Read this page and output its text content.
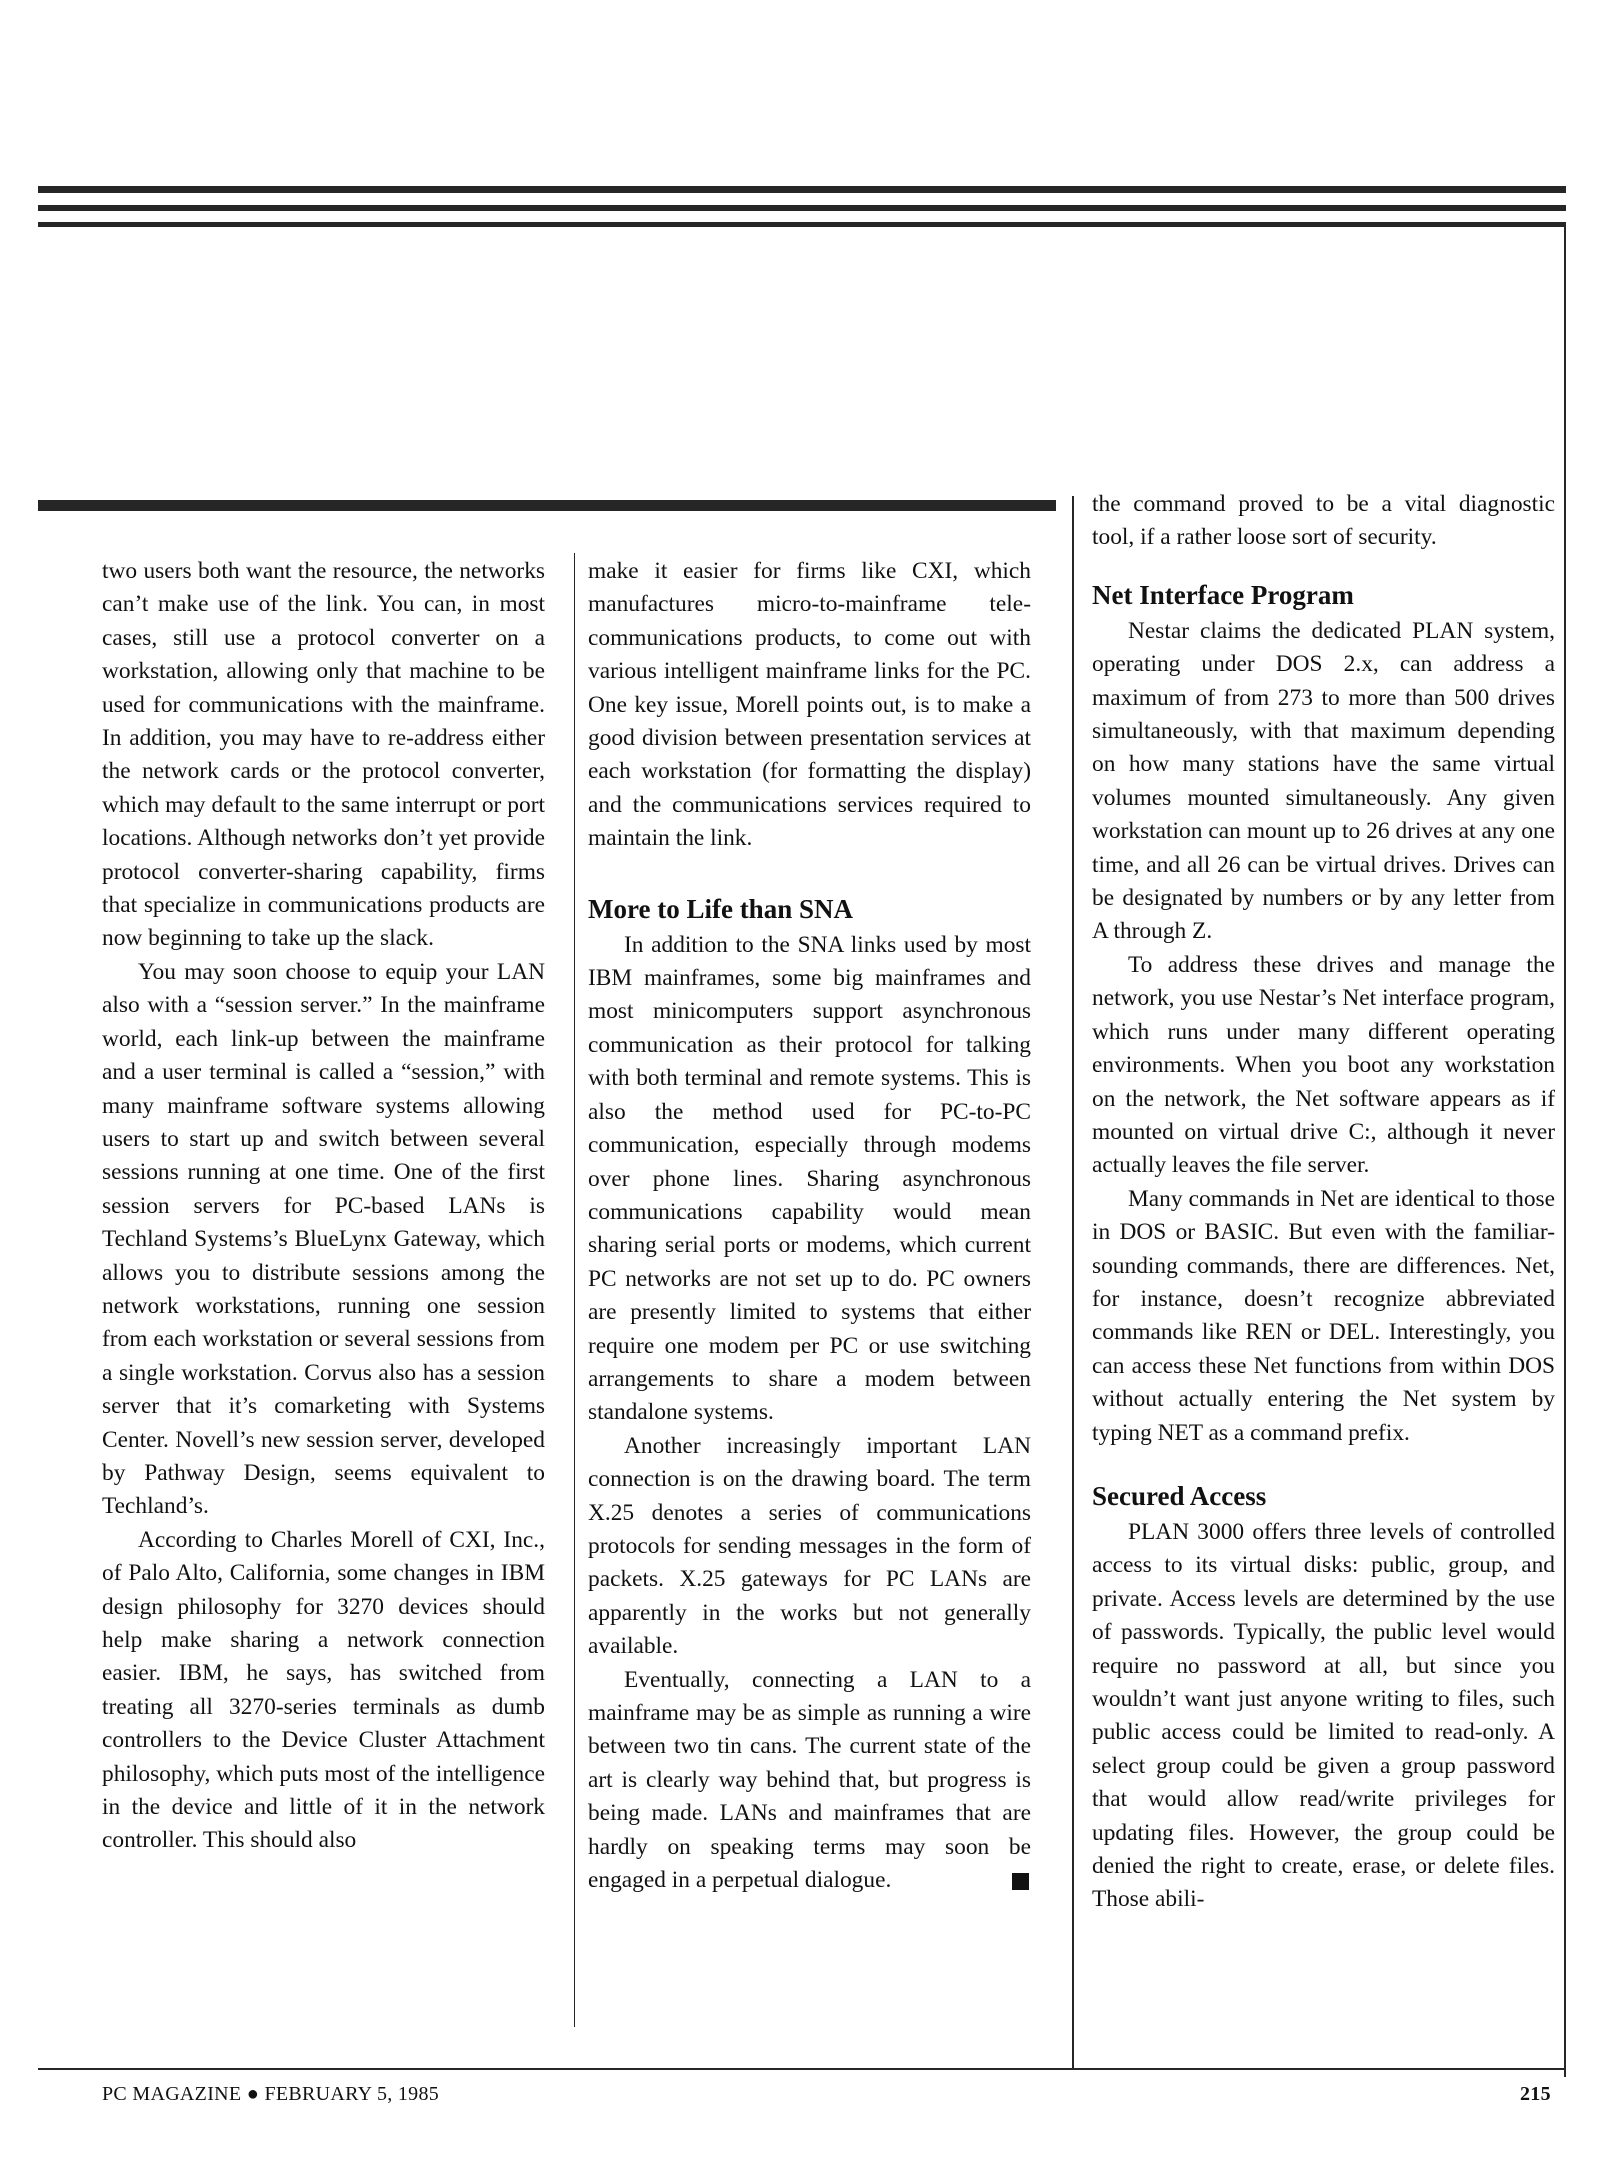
two users both want the resource, the networks can’t make use of the link. You can, in most cases, still use a protocol converter on a workstation, allowing only that machine to be used for communications with the mainframe. In addition, you may have to re-address either the network cards or the protocol converter, which may default to the same interrupt or port locations. Although networks don’t yet provide protocol converter-sharing capability, firms that specialize in communications products are now beginning to take up the slack.

You may soon choose to equip your LAN also with a “session server.” In the mainframe world, each link-up between the mainframe and a user terminal is called a “session,” with many mainframe software systems allowing users to start up and switch between several sessions running at one time. One of the first session servers for PC-based LANs is Techland Systems’s BlueLynx Gateway, which allows you to distribute sessions among the network workstations, running one session from each workstation or several sessions from a single workstation. Corvus also has a session server that it’s comarketing with Systems Center. Novell’s new session server, developed by Pathway Design, seems equivalent to Techland’s.

According to Charles Morell of CXI, Inc., of Palo Alto, California, some changes in IBM design philosophy for 3270 devices should help make sharing a network connection easier. IBM, he says, has switched from treating all 3270-series terminals as dumb controllers to the Device Cluster Attachment philosophy, which puts most of the intelligence in the device and little of it in the network controller. This should also

make it easier for firms like CXI, which manufactures micro-to-mainframe telecommunications products, to come out with various intelligent mainframe links for the PC. One key issue, Morell points out, is to make a good division between presentation services at each workstation (for formatting the display) and the communications services required to maintain the link.

More to Life than SNA

In addition to the SNA links used by most IBM mainframes, some big mainframes and most minicomputers support asynchronous communication as their protocol for talking with both terminal and remote systems. This is also the method used for PC-to-PC communication, especially through modems over phone lines. Sharing asynchronous communications capability would mean sharing serial ports or modems, which current PC networks are not set up to do. PC owners are presently limited to systems that either require one modem per PC or use switching arrangements to share a modem between standalone systems.

Another increasingly important LAN connection is on the drawing board. The term X.25 denotes a series of communications protocols for sending messages in the form of packets. X.25 gateways for PC LANs are apparently in the works but not generally available.

Eventually, connecting a LAN to a mainframe may be as simple as running a wire between two tin cans. The current state of the art is clearly way behind that, but progress is being made. LANs and mainframes that are hardly on speaking terms may soon be engaged in a perpetual dialogue.

the command proved to be a vital diagnostic tool, if a rather loose sort of security.

Net Interface Program

Nestar claims the dedicated PLAN system, operating under DOS 2.x, can address a maximum of from 273 to more than 500 drives simultaneously, with that maximum depending on how many stations have the same virtual volumes mounted simultaneously. Any given workstation can mount up to 26 drives at any one time, and all 26 can be virtual drives. Drives can be designated by numbers or by any letter from A through Z.

To address these drives and manage the network, you use Nestar’s Net interface program, which runs under many different operating environments. When you boot any workstation on the network, the Net software appears as if mounted on virtual drive C:, although it never actually leaves the file server.

Many commands in Net are identical to those in DOS or BASIC. But even with the familiar-sounding commands, there are differences. Net, for instance, doesn’t recognize abbreviated commands like REN or DEL. Interestingly, you can access these Net functions from within DOS without actually entering the Net system by typing NET as a command prefix.

Secured Access

PLAN 3000 offers three levels of controlled access to its virtual disks: public, group, and private. Access levels are determined by the use of passwords. Typically, the public level would require no password at all, but since you wouldn’t want just anyone writing to files, such public access could be limited to read-only. A select group could be given a group password that would allow read/write privileges for updating files. However, the group could be denied the right to create, erase, or delete files. Those abili-

PC MAGAZINE ● FEBRUARY 5, 1985	215
